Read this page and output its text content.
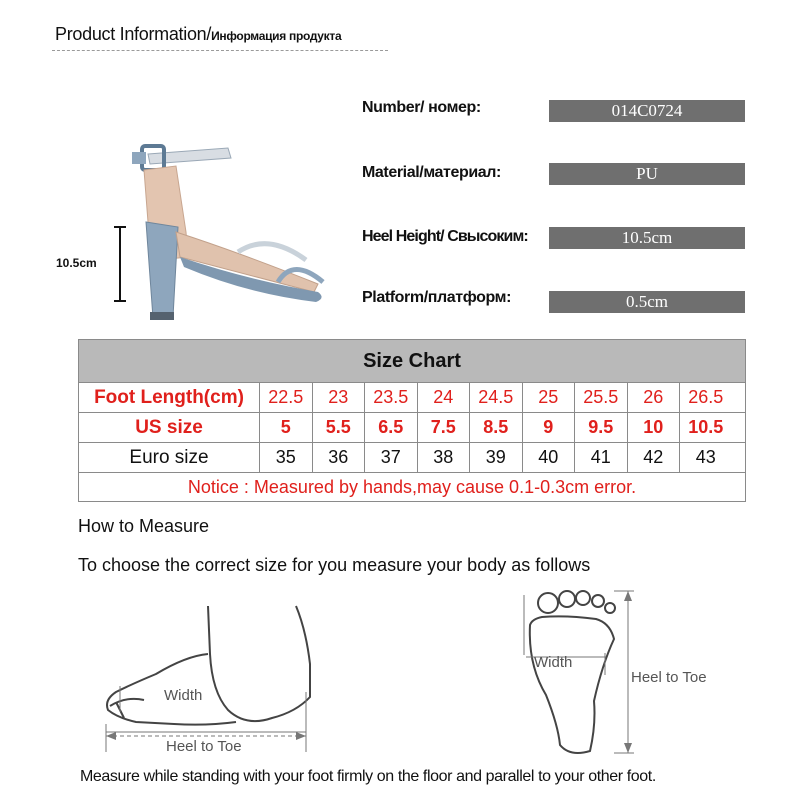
Product Information/Информация продукта
10.5cm
Number/ номер:	014C0724
Material/материал:	PU
Heel Height/ Свысоким:	10.5cm
Platform/платформ:	0.5cm
Size Chart
Foot Length(cm)	22.5	23	23.5	24	24.5	25	25.5	26	26.5
US size	5	5.5	6.5	7.5	8.5	9	9.5	10	10.5
Euro size	35	36	37	38	39	40	41	42	43
Notice : Measured by hands,may cause 0.1-0.3cm error.
How to Measure
To choose the correct size for you measure your body as follows
Width
Heel to Toe
Width
Heel to Toe
Measure while standing with your foot firmly on the floor and parallel to your other foot.
